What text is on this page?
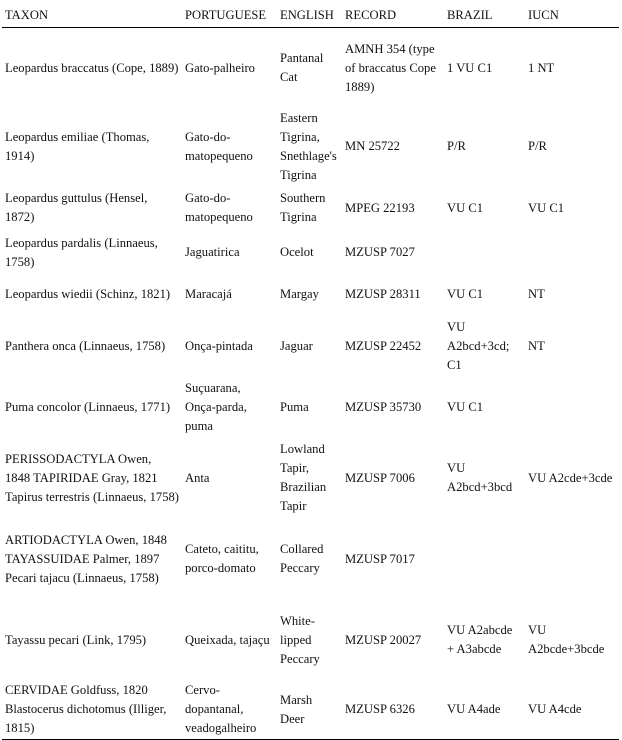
TAXON	PORTUGUESE	ENGLISH	RECORD	BRAZIL	IUCN
Leopardus braccatus (Cope, 1889)	Gato-palheiro	Pantanal Cat	AMNH 354 (type of braccatus Cope 1889)	1 VU C1	1 NT
Leopardus emiliae (Thomas, 1914)	Gato-do-matopequeno	Eastern Tigrina, Snethlage's Tigrina	MN 25722	P/R	P/R
Leopardus guttulus (Hensel, 1872)	Gato-do-matopequeno	Southern Tigrina	MPEG 22193	VU C1	VU C1
Leopardus pardalis (Linnaeus, 1758)	Jaguatirica	Ocelot	MZUSP 7027		
Leopardus wiedii (Schinz, 1821)	Maracajá	Margay	MZUSP 28311	VU C1	NT
Panthera onca (Linnaeus, 1758)	Onça-pintada	Jaguar	MZUSP 22452	VU A2bcd+3cd; C1	NT
Puma concolor (Linnaeus, 1771)	Suçuarana, Onça-parda, puma	Puma	MZUSP 35730	VU C1	
PERISSODACTYLA Owen, 1848 TAPIRIDAE Gray, 1821 Tapirus terrestris (Linnaeus, 1758)	Anta	Lowland Tapir, Brazilian Tapir	MZUSP 7006	VU A2bcd+3bcd	VU A2cde+3cde
ARTIODACTYLA Owen, 1848 TAYASSUIDAE Palmer, 1897 Pecari tajacu (Linnaeus, 1758)	Cateto, caititu, porco-domato	Collared Peccary	MZUSP 7017		
Tayassu pecari (Link, 1795)	Queixada, tajaçu	White-lipped Peccary	MZUSP 20027	VU A2abcde + A3abcde	VU A2bcde+3bcde
CERVIDAE Goldfuss, 1820 Blastocerus dichotomus (Illiger, 1815)	Cervo-dopantanal, veadogalheiro	Marsh Deer	MZUSP 6326	VU A4ade	VU A4cde
